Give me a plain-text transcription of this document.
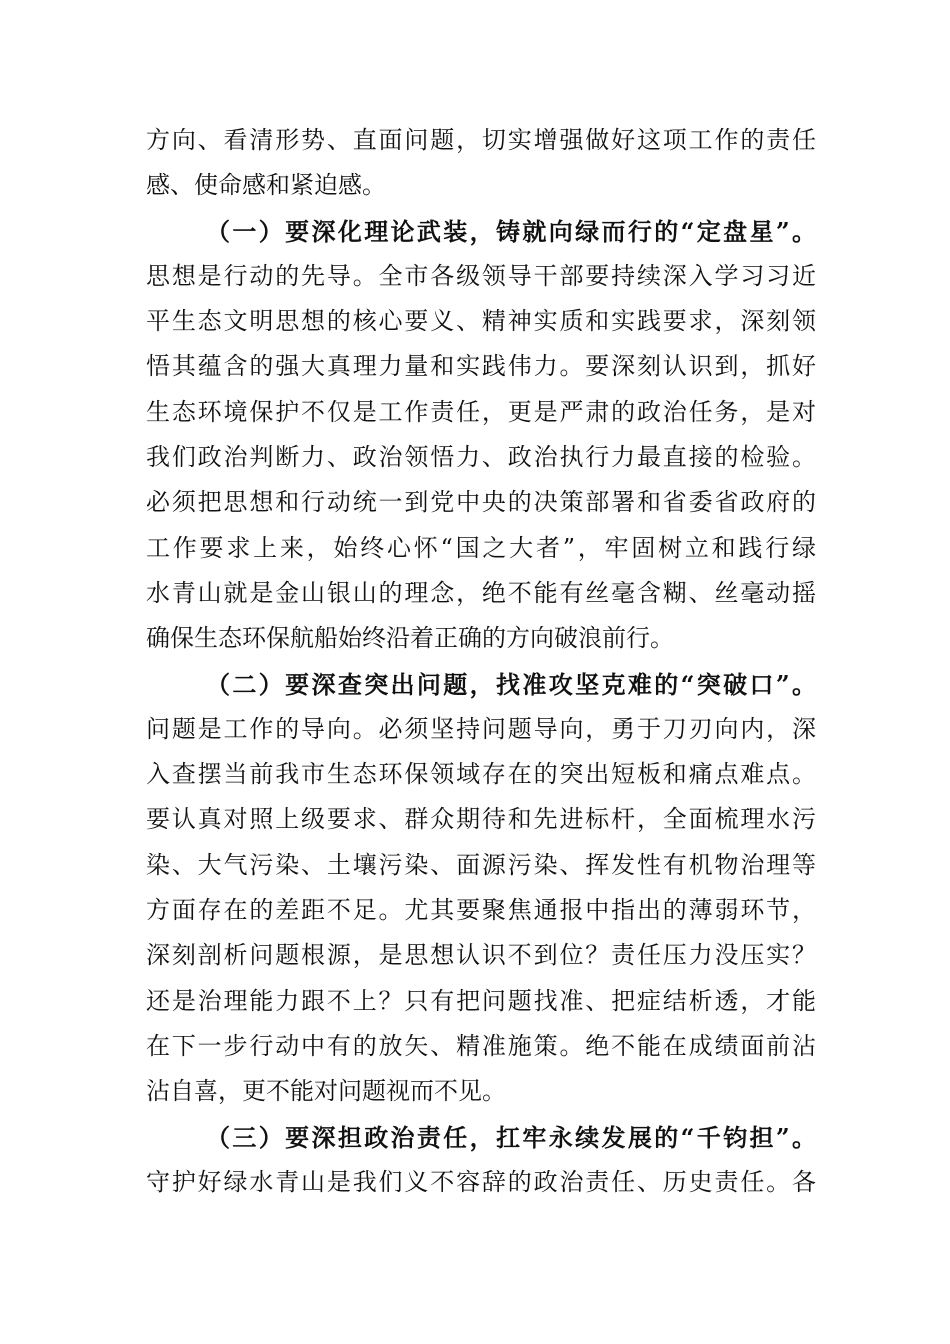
方向、看清形势、直面问题，切实增强做好这项工作的责任
感、使命感和紧迫感。
（一）要深化理论武装，铸就向绿而行的“定盘星”。
思想是行动的先导。全市各级领导干部要持续深入学习习近
平生态文明思想的核心要义、精神实质和实践要求，深刻领
悟其蕴含的强大真理力量和实践伟力。要深刻认识到，抓好
生态环境保护不仅是工作责任，更是严肃的政治任务，是对
我们政治判断力、政治领悟力、政治执行力最直接的检验。
必须把思想和行动统一到党中央的决策部署和省委省政府的
工作要求上来，始终心怀“国之大者”，牢固树立和践行绿
水青山就是金山银山的理念，绝不能有丝毫含糊、丝毫动摇
确保生态环保航船始终沿着正确的方向破浪前行。
（二）要深查突出问题，找准攻坚克难的“突破口”。
问题是工作的导向。必须坚持问题导向，勇于刀刃向内，深
入查摆当前我市生态环保领域存在的突出短板和痛点难点。
要认真对照上级要求、群众期待和先进标杆，全面梳理水污
染、大气污染、土壤污染、面源污染、挥发性有机物治理等
方面存在的差距不足。尤其要聚焦通报中指出的薄弱环节，
深刻剖析问题根源，是思想认识不到位？责任压力没压实？
还是治理能力跟不上？只有把问题找准、把症结析透，才能
在下一步行动中有的放矢、精准施策。绝不能在成绩面前沾
沾自喜，更不能对问题视而不见。
（三）要深担政治责任，扛牢永续发展的“千钧担”。
守护好绿水青山是我们义不容辞的政治责任、历史责任。各
